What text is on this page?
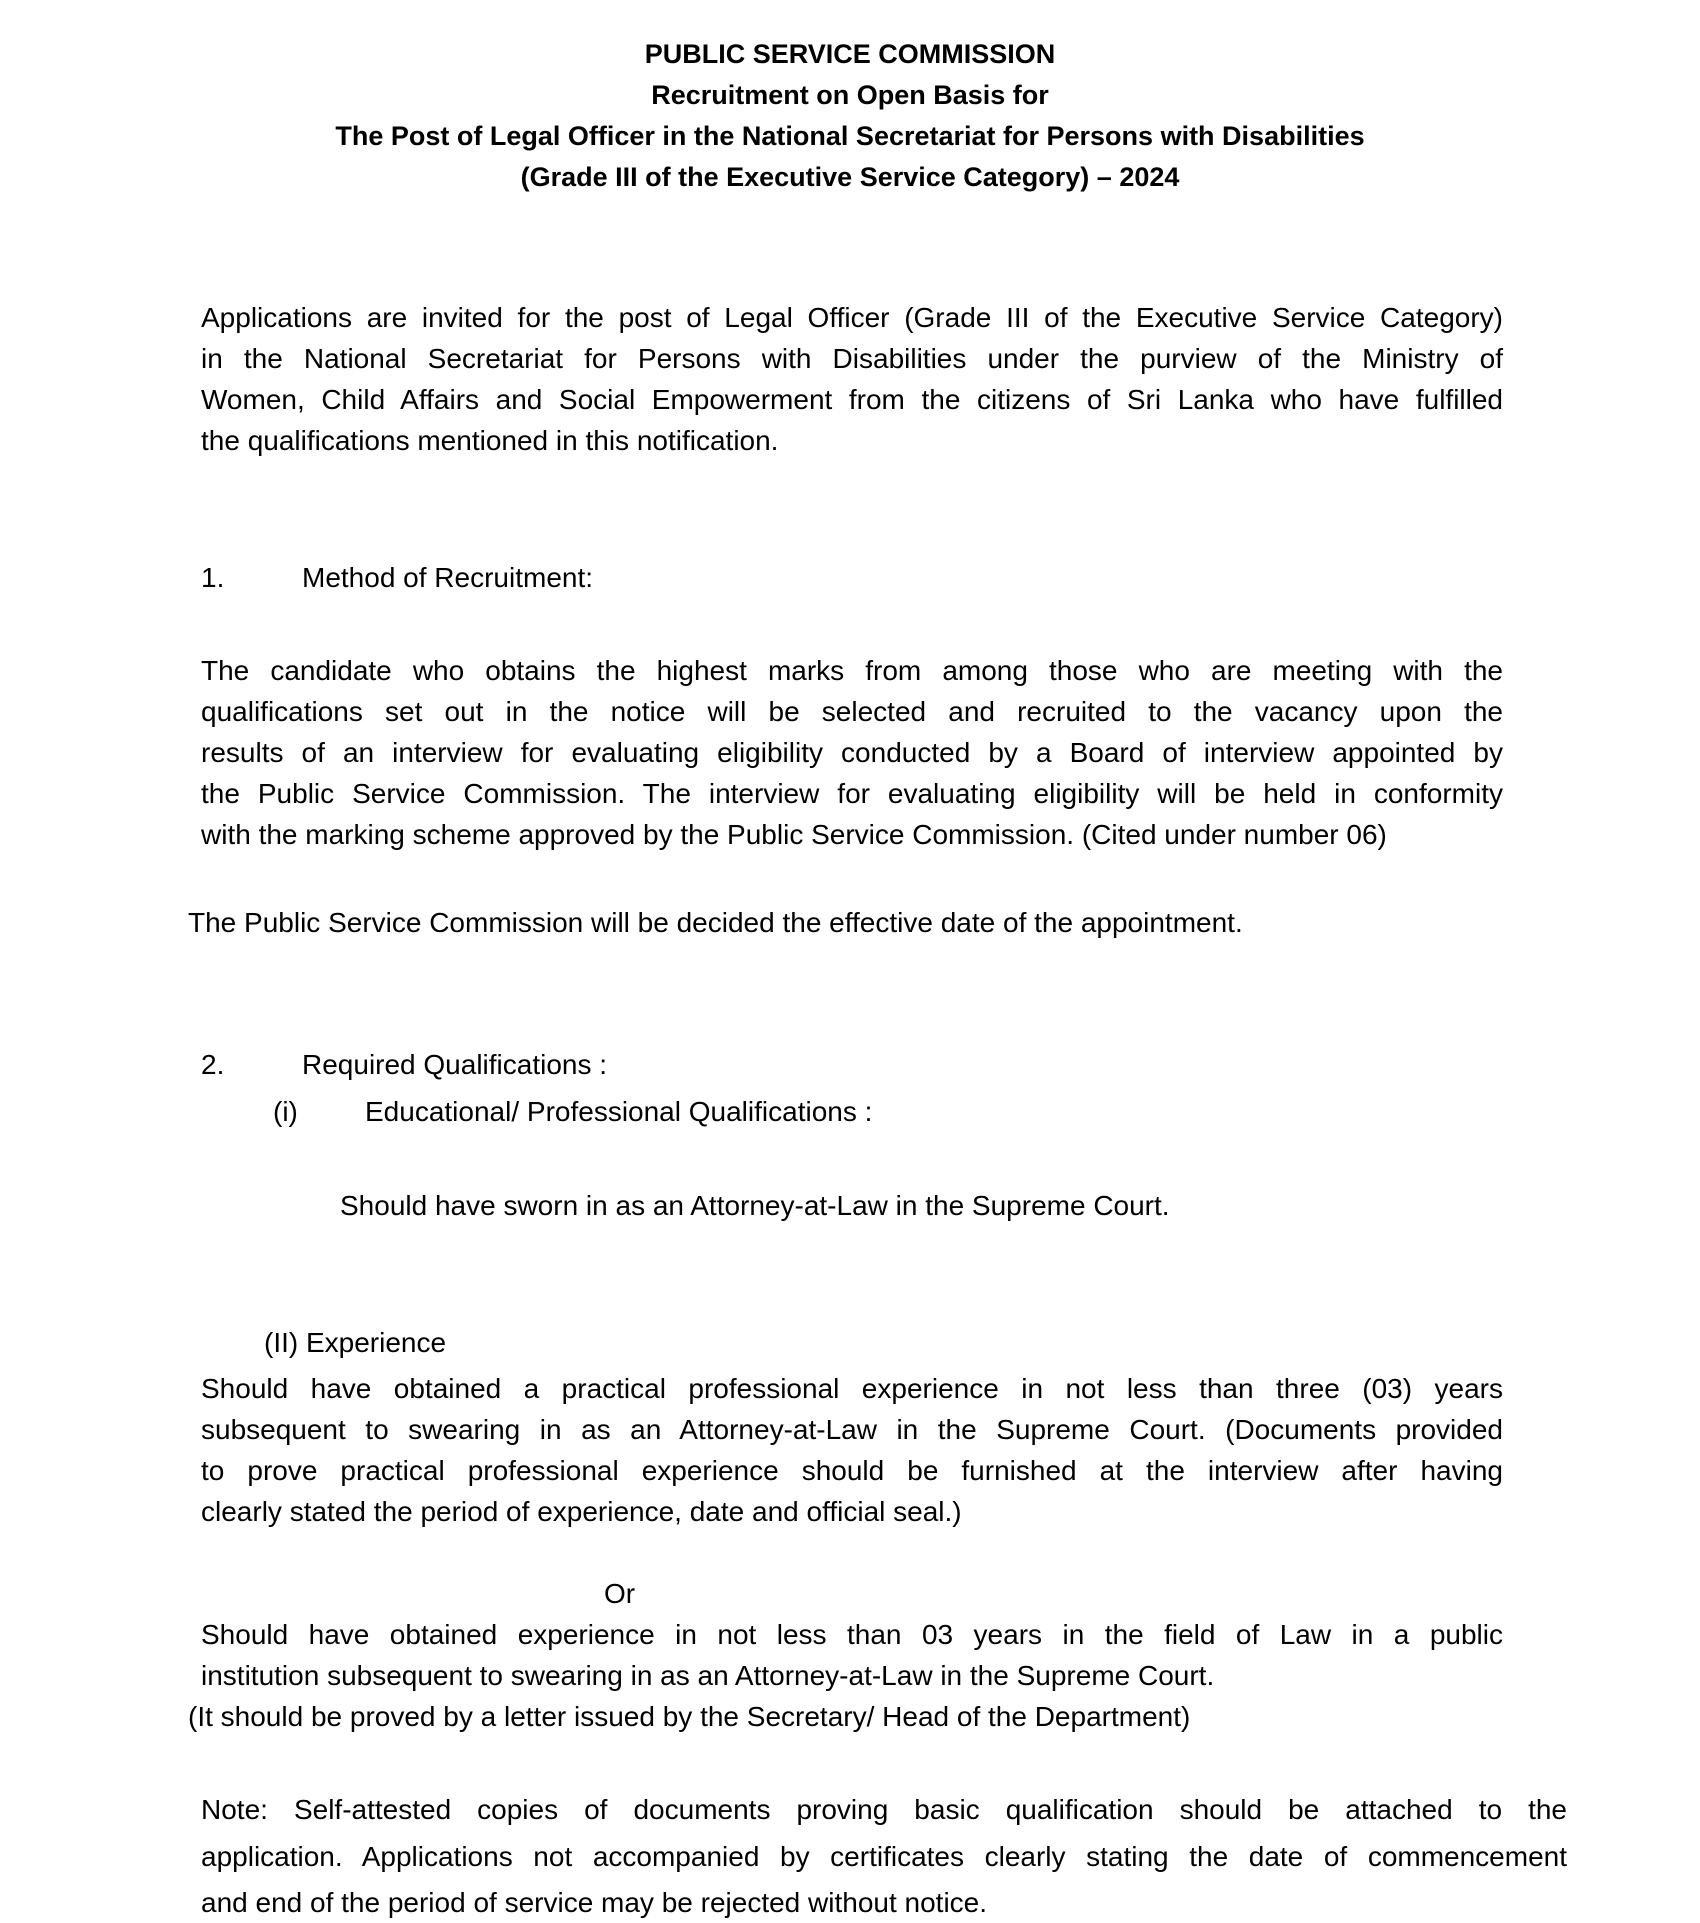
PUBLIC SERVICE COMMISSION
Recruitment on Open Basis for
The Post of Legal Officer in the National Secretariat for Persons with Disabilities
(Grade III of the Executive Service Category) – 2024
Applications are invited for the post of Legal Officer (Grade III of the Executive Service Category)
in the National Secretariat for Persons with Disabilities under the purview of the Ministry of
Women, Child Affairs and Social Empowerment from the citizens of Sri Lanka who have fulfilled
the qualifications mentioned in this notification.
1.	Method of Recruitment:
The candidate who obtains the highest marks from among those who are meeting with the
qualifications set out in the notice will be selected and recruited to the vacancy upon the
results of an interview for evaluating eligibility conducted by a Board of interview appointed by
the Public Service Commission. The interview for evaluating eligibility will be held in conformity
with the marking scheme approved by the Public Service Commission. (Cited under number 06)
The Public Service Commission will be decided the effective date of the appointment.
2.	Required Qualifications :
(i) Educational/ Professional Qualifications :
Should have sworn in as an Attorney-at-Law in the Supreme Court.
(II) Experience
Should have obtained a practical professional experience in not less than three (03) years
subsequent to swearing in as an Attorney-at-Law in the Supreme Court. (Documents provided
to prove practical professional experience should be furnished at the interview after having
clearly stated the period of experience, date and official seal.)
Or
Should have obtained experience in not less than 03 years in the field of Law in a public
institution subsequent to swearing in as an Attorney-at-Law in the Supreme Court.
(It should be proved by a letter issued by the Secretary/ Head of the Department)
Note: Self-attested copies of documents proving basic qualification should be attached to the
application. Applications not accompanied by certificates clearly stating the date of commencement
and end of the period of service may be rejected without notice.
